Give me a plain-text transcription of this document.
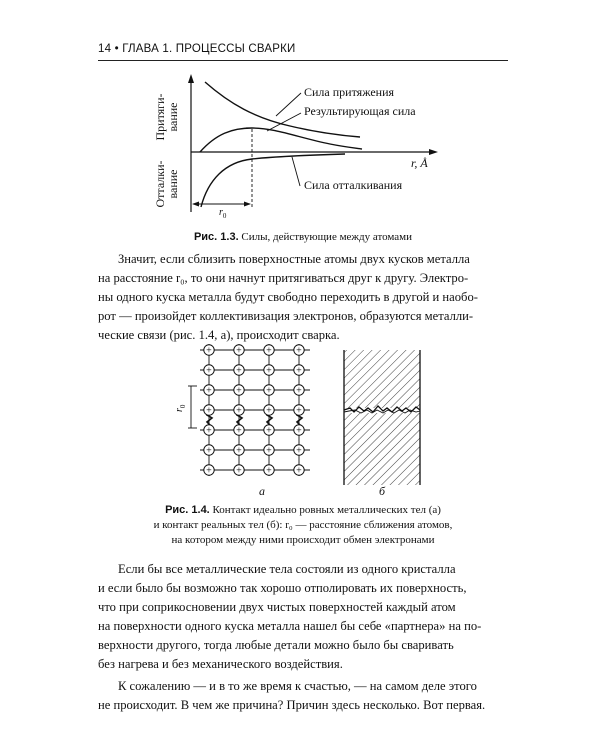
14 • ГЛАВА 1. ПРОЦЕССЫ СВАРКИ
Притяги- вание
Отталки- вание
$r_0$
Сила притяжения
Результирующая сила
Сила отталкивания
r, Å
Рис. 1.3. Силы, действующие между атомами
Значит, если сблизить поверхностные атомы двух кусков металла
на расстояние r₀, то они начнут притягиваться друг к другу. Электро-
ны одного куска металла будут свободно переходить в другой и наобо-
рот — произойдет коллективизация электронов, образуются металли-
ческие связи (рис. 1.4, а), происходит сварка.
+ + + +
+ + + +
+ + + +
+ + + +
+ + + +
+ + + +
+ + + +
$r_0$
а	б
Рис. 1.4. Контакт идеально ровных металлических тел (а)
и контакт реальных тел (б): r₀ — расстояние сближения атомов,
на котором между ними происходит обмен электронами
Если бы все металлические тела состояли из одного кристалла
и если было бы возможно так хорошо отполировать их поверхность,
что при соприкосновении двух чистых поверхностей каждый атом
на поверхности одного куска металла нашел бы себе «партнера» на по-
верхности другого, тогда любые детали можно было бы сваривать
без нагрева и без механического воздействия.
К сожалению — и в то же время к счастью, — на самом деле этого
не происходит. В чем же причина? Причин здесь несколько. Вот первая.
